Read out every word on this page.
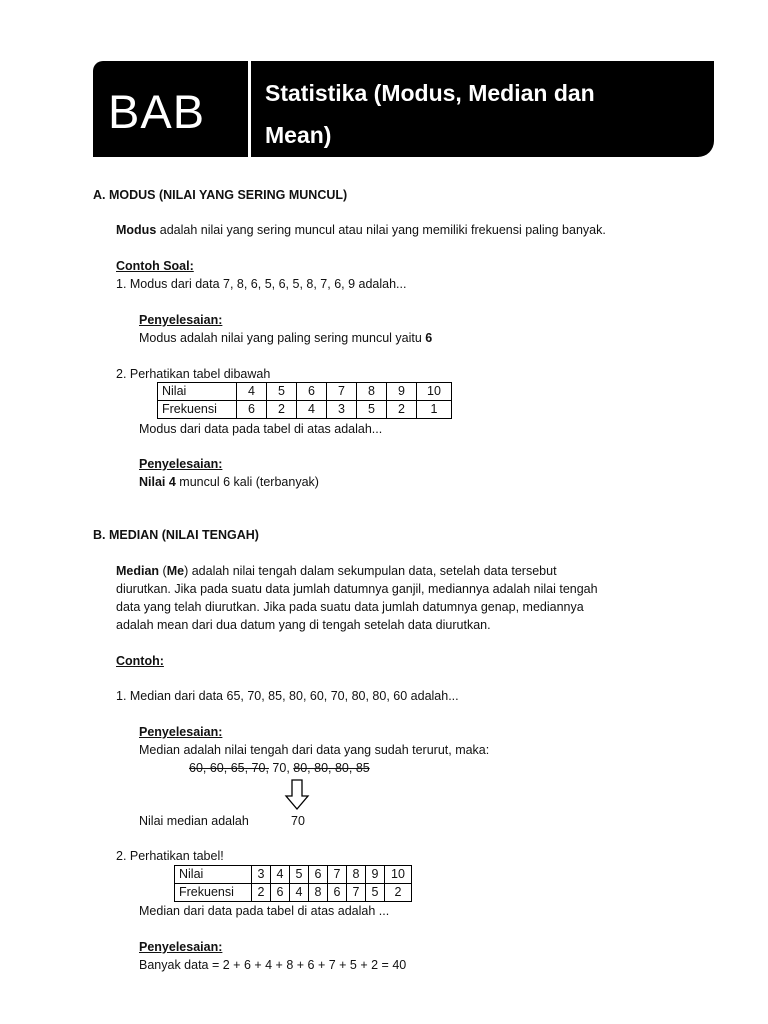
BAB	Statistika (Modus, Median dan
Mean)
A. MODUS (NILAI YANG SERING MUNCUL)
Modus adalah nilai yang sering muncul atau nilai yang memiliki frekuensi paling banyak.
Contoh Soal:
1. Modus dari data 7, 8, 6, 5, 6, 5, 8, 7, 6, 9 adalah...
Penyelesaian:
Modus adalah nilai yang paling sering muncul yaitu 6
2. Perhatikan tabel dibawah
Nilai	4	5	6	7	8	9	10
Frekuensi	6	2	4	3	5	2	1
Modus dari data pada tabel di atas adalah...
Penyelesaian:
Nilai 4 muncul 6 kali (terbanyak)
B. MEDIAN (NILAI TENGAH)
Median (Me) adalah nilai tengah dalam sekumpulan data, setelah data tersebut
diurutkan. Jika pada suatu data jumlah datumnya ganjil, mediannya adalah nilai tengah
data yang telah diurutkan. Jika pada suatu data jumlah datumnya genap, mediannya
adalah mean dari dua datum yang di tengah setelah data diurutkan.
Contoh:
1. Median dari data 65, 70, 85, 80, 60, 70, 80, 80, 60 adalah...
Penyelesaian:
Median adalah nilai tengah dari data yang sudah terurut, maka:
60, 60, 65, 70, 70, 80, 80, 80, 85
Nilai median adalah	70
2. Perhatikan tabel!
Nilai	3	4	5	6	7	8	9	10
Frekuensi	2	6	4	8	6	7	5	2
Median dari data pada tabel di atas adalah ...
Penyelesaian:
Banyak data = 2 + 6 + 4 + 8 + 6 + 7 + 5 + 2 = 40
